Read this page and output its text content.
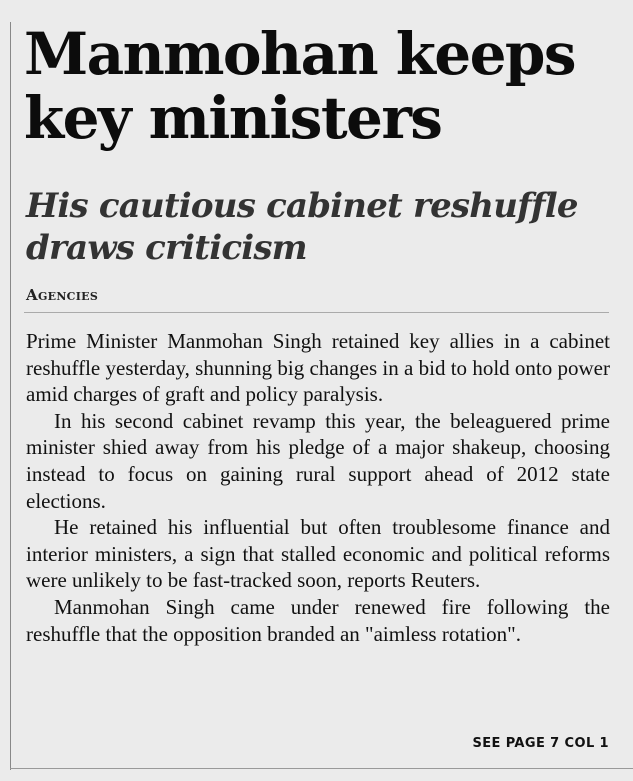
Manmohan keeps
key ministers
His cautious cabinet reshuffle
draws criticism
Agencies

Prime Minister Manmohan Singh retained key allies in a cabinet reshuffle yesterday, shunning big changes in a bid to hold onto power amid charges of graft and policy paralysis.

In his second cabinet revamp this year, the beleaguered prime minister shied away from his pledge of a major shakeup, choosing instead to focus on gaining rural support ahead of 2012 state elections.

He retained his influential but often troublesome finance and interior ministers, a sign that stalled economic and political reforms were unlikely to be fast-tracked soon, reports Reuters.

Manmohan Singh came under renewed fire following the reshuffle that the opposition branded an "aimless rotation".

SEE PAGE 7 COL 1
